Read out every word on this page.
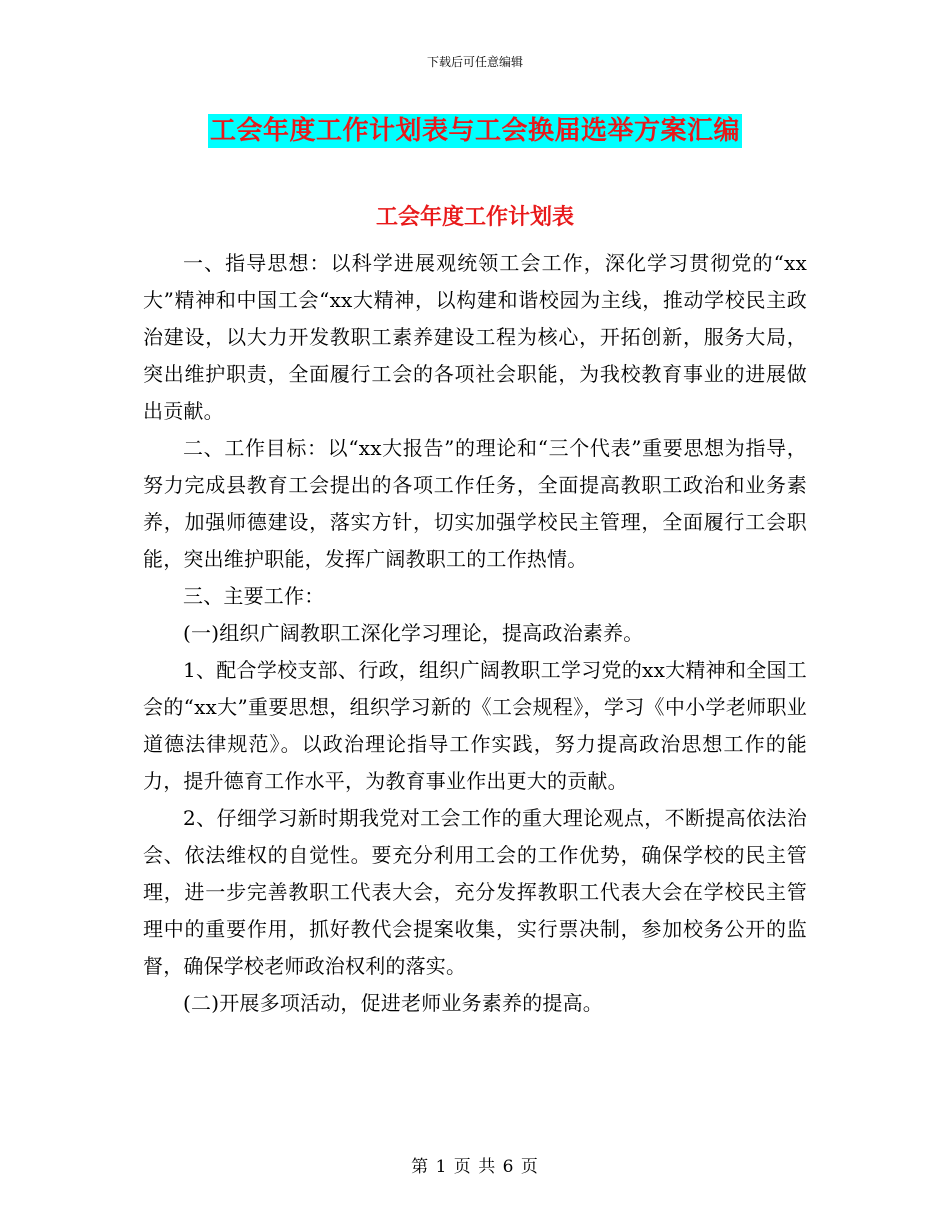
下载后可任意编辑
工会年度工作计划表与工会换届选举方案汇编
工会年度工作计划表

一、指导思想：以科学进展观统领工会工作，深化学习贯彻党的“xx大”精神和中国工会“xx大精神，以构建和谐校园为主线，推动学校民主政治建设，以大力开发教职工素养建设工程为核心，开拓创新，服务大局，突出维护职责，全面履行工会的各项社会职能，为我校教育事业的进展做出贡献。

二、工作目标：以“xx大报告”的理论和“三个代表”重要思想为指导，努力完成县教育工会提出的各项工作任务，全面提高教职工政治和业务素养，加强师德建设，落实方针，切实加强学校民主管理，全面履行工会职能，突出维护职能，发挥广阔教职工的工作热情。

三、主要工作：

(一)组织广阔教职工深化学习理论，提高政治素养。

1、配合学校支部、行政，组织广阔教职工学习党的xx大精神和全国工会的“xx大”重要思想，组织学习新的《工会规程》，学习《中小学老师职业道德法律规范》。以政治理论指导工作实践，努力提高政治思想工作的能力，提升德育工作水平，为教育事业作出更大的贡献。

2、仔细学习新时期我党对工会工作的重大理论观点，不断提高依法治会、依法维权的自觉性。要充分利用工会的工作优势，确保学校的民主管理，进一步完善教职工代表大会，充分发挥教职工代表大会在学校民主管理中的重要作用，抓好教代会提案收集，实行票决制，参加校务公开的监督，确保学校老师政治权利的落实。

(二)开展多项活动，促进老师业务素养的提高。

第 1 页 共 6 页
